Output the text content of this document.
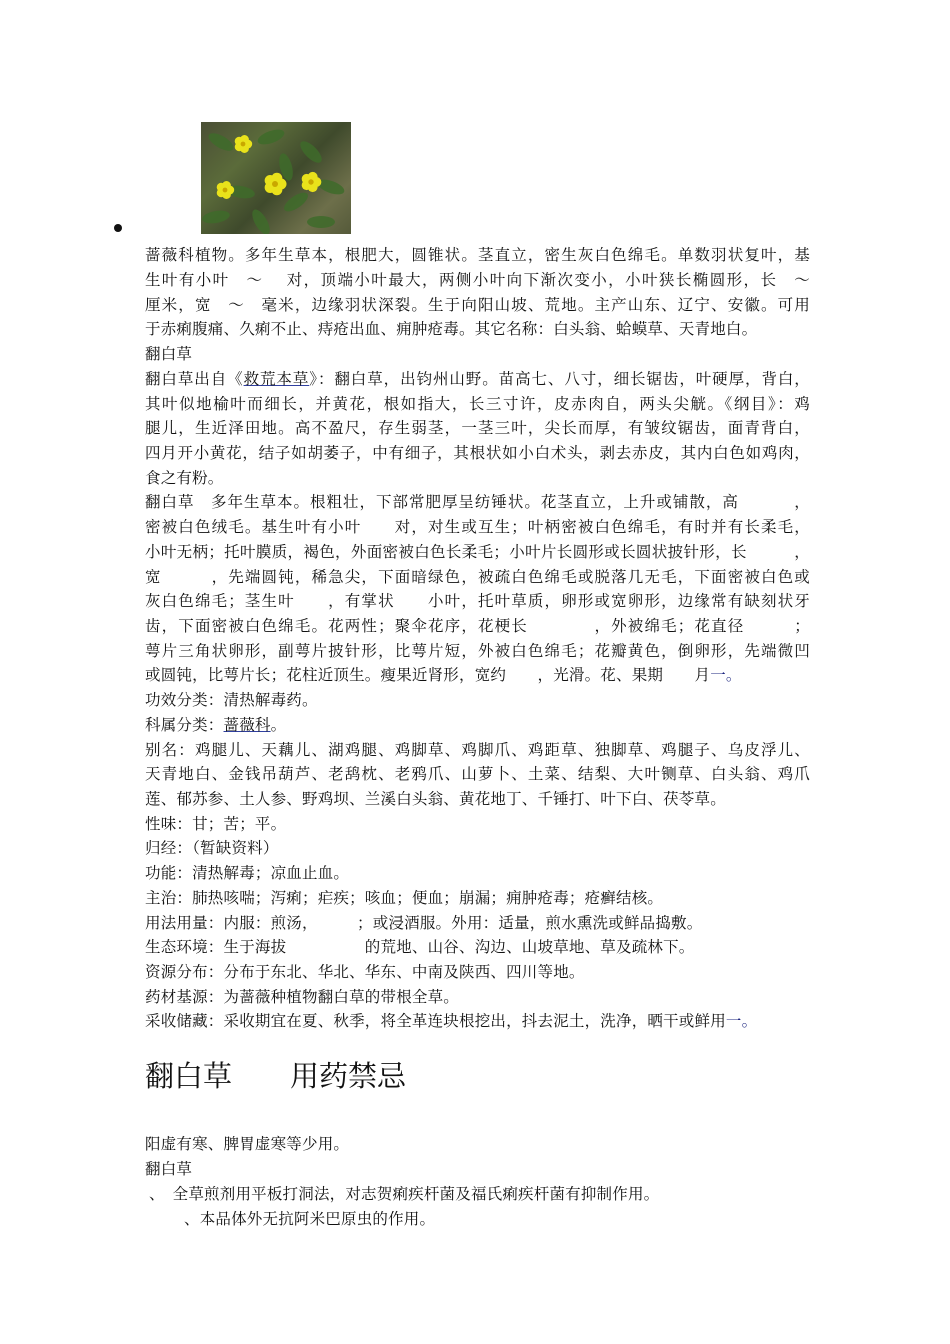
蔷薇科植物。多年生草本，根肥大，圆锥状。茎直立，密生灰白色绵毛。单数羽状复叶，基
生叶有小叶　～　 对，顶端小叶最大，两侧小叶向下渐次变小，小叶狭长椭圆形，长　～
厘米，宽　～　毫米，边缘羽状深裂。生于向阳山坡、荒地。主产山东、辽宁、安徽。可用
于赤痢腹痛、久痢不止、痔疮出血、痈肿疮毒。其它名称：白头翁、蛤蟆草、天青地白。
翻白草
翻白草出自《救荒本草》：翻白草，出钧州山野。苗高七、八寸，细长锯齿，叶硬厚，背白，
其叶似地榆叶而细长，并黄花，根如指大，长三寸许，皮赤肉自，两头尖觥。《纲目》：鸡
腿儿，生近泽田地。高不盈尺，存生弱茎，一茎三叶，尖长而厚，有皱纹锯齿，面青背白，
四月开小黄花，结子如胡萎子，中有细子，其根状如小白术头，剥去赤皮，其内白色如鸡肉，
食之有粉。
翻白草　多年生草本。根粗壮，下部常肥厚呈纺锤状。花茎直立，上升或铺散，高　　　 ，
密被白色绒毛。基生叶有小叶　　对，对生或互生；叶柄密被白色绵毛，有时并有长柔毛，
小叶无柄；托叶膜质，褐色，外面密被白色长柔毛；小叶片长圆形或长圆状披针形，长　　　，
宽　　　，先端圆钝，稀急尖，下面暗绿色，被疏白色绵毛或脱落几无毛，下面密被白色或
灰白色绵毛；茎生叶　　，有掌状　　小叶，托叶草质，卵形或宽卵形，边缘常有缺刻状牙
齿，下面密被白色绵毛。花两性；聚伞花序，花梗长　　　　，外被绵毛；花直径　　　；
萼片三角状卵形，副萼片披针形，比萼片短，外被白色绵毛；花瓣黄色，倒卵形，先端微凹
或圆钝，比萼片长；花柱近顶生。瘦果近肾形，宽约　　，光滑。花、果期　　月一。
功效分类：清热解毒药。
科属分类：蔷薇科。
别名：鸡腿儿、天藕儿、湖鸡腿、鸡脚草、鸡脚爪、鸡距草、独脚草、鸡腿子、乌皮浮儿、
天青地白、金钱吊葫芦、老鸹枕、老鸦爪、山萝卜、土菜、结梨、大叶铡草、白头翁、鸡爪
莲、郁苏参、土人参、野鸡坝、兰溪白头翁、黄花地丁、千锤打、叶下白、茯苓草。
性味：甘；苦；平。
归经：（暂缺资料）
功能：清热解毒；凉血止血。
主治：肺热咳喘；泻痢；疟疾；咳血；便血；崩漏；痈肿疮毒；疮癣结核。
用法用量：内服：煎汤，　　　；或浸酒服。外用：适量，煎水熏洗或鲜品捣敷。
生态环境：生于海拔　　　　　的荒地、山谷、沟边、山坡草地、草及疏林下。
资源分布：分布于东北、华北、华东、中南及陕西、四川等地。
药材基源：为蔷薇种植物翻白草的带根全草。
采收储藏：采收期宜在夏、秋季，将全革连块根挖出，抖去泥土，洗净，晒干或鲜用一。
翻白草　　用药禁忌
阳虚有寒、脾胃虚寒等少用。
翻白草
、　全草煎剂用平板打洞法，对志贺痢疾杆菌及福氏痢疾杆菌有抑制作用。
、本品体外无抗阿米巴原虫的作用。
